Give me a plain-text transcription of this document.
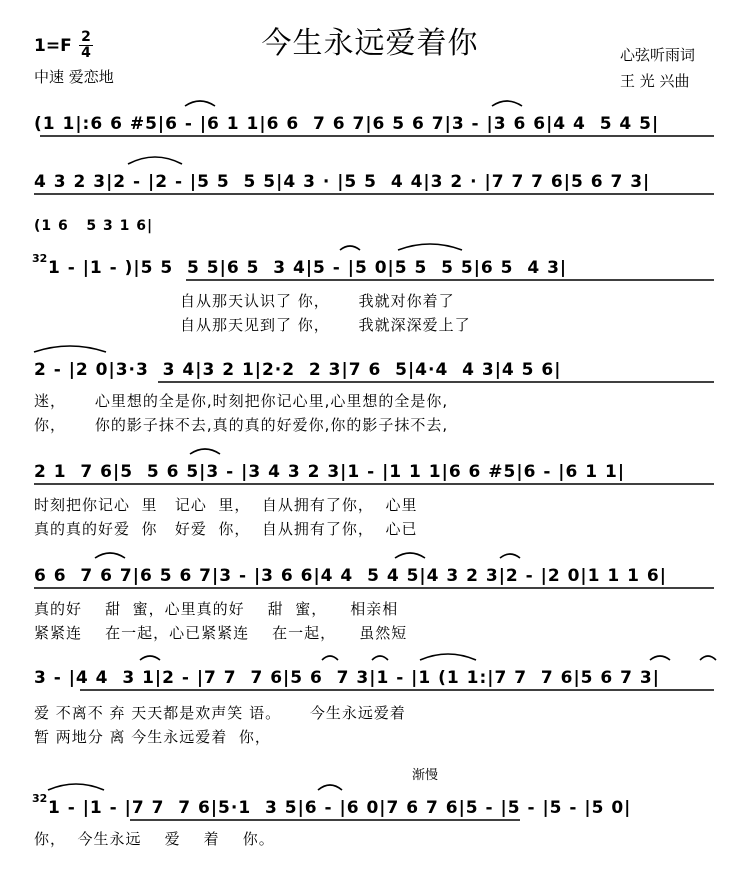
今生永远爱着你
1=F 2
4
中速 爱恋地
心弦听雨词
王 光 兴曲
(1 1|:6 6 #5|6 - |6 1 1|6 6  7 6 7|6 5 6 7|3 - |3 6 6|4 4  5 4 5|
4 3 2 3|2 - |2 - |5 5  5 5|4 3 · |5 5  4 4|3 2 · |7 7 7 6|5 6 7 3|
(1 6   5 3 1 6|
32 1 - |1 - )|5 5  5 5|6 5  3 4|5 - |5 0|5 5  5 5|6 5  4 3|
自从那天认识了 你，     我就对你着了
自从那天见到了 你，     我就深深爱上了
2 - |2 0|3·3  3 4|3 2 1|2·2  2 3|7 6  5|4·4  4 3|4 5 6|
迷，     心里想的全是你,时刻把你记心里,心里想的全是你,
你，     你的影子抹不去,真的真的好爱你,你的影子抹不去,
2 1  7 6|5  5 6 5|3 - |3 4 3 2 3|1 - |1 1 1|6 6 #5|6 - |6 1 1|
时刻把你记心  里   记心  里，  自从拥有了你，  心里
真的真的好爱  你   好爱  你，  自从拥有了你，  心已
6 6  7 6 7|6 5 6 7|3 - |3 6 6|4 4  5 4 5|4 3 2 3|2 - |2 0|1 1 1 6|
真的好    甜  蜜，心里真的好    甜  蜜，    相亲相
紧紧连    在一起，心已紧紧连    在一起，    虽然短
3 - |4 4  3 1|2 - |7 7  7 6|5 6  7 3|1 - |1 (1 1:|7 7  7 6|5 6 7 3|
爱 不离不 弃 天天都是欢声笑 语。     今生永远爱着
暂 两地分 离 今生永远爱着  你，
渐慢
32 1 - |1 - |7 7  7 6|5·1  3 5|6 - |6 0|7 6 7 6|5 - |5 - |5 - |5 0|
你，  今生永远    爱    着    你。
